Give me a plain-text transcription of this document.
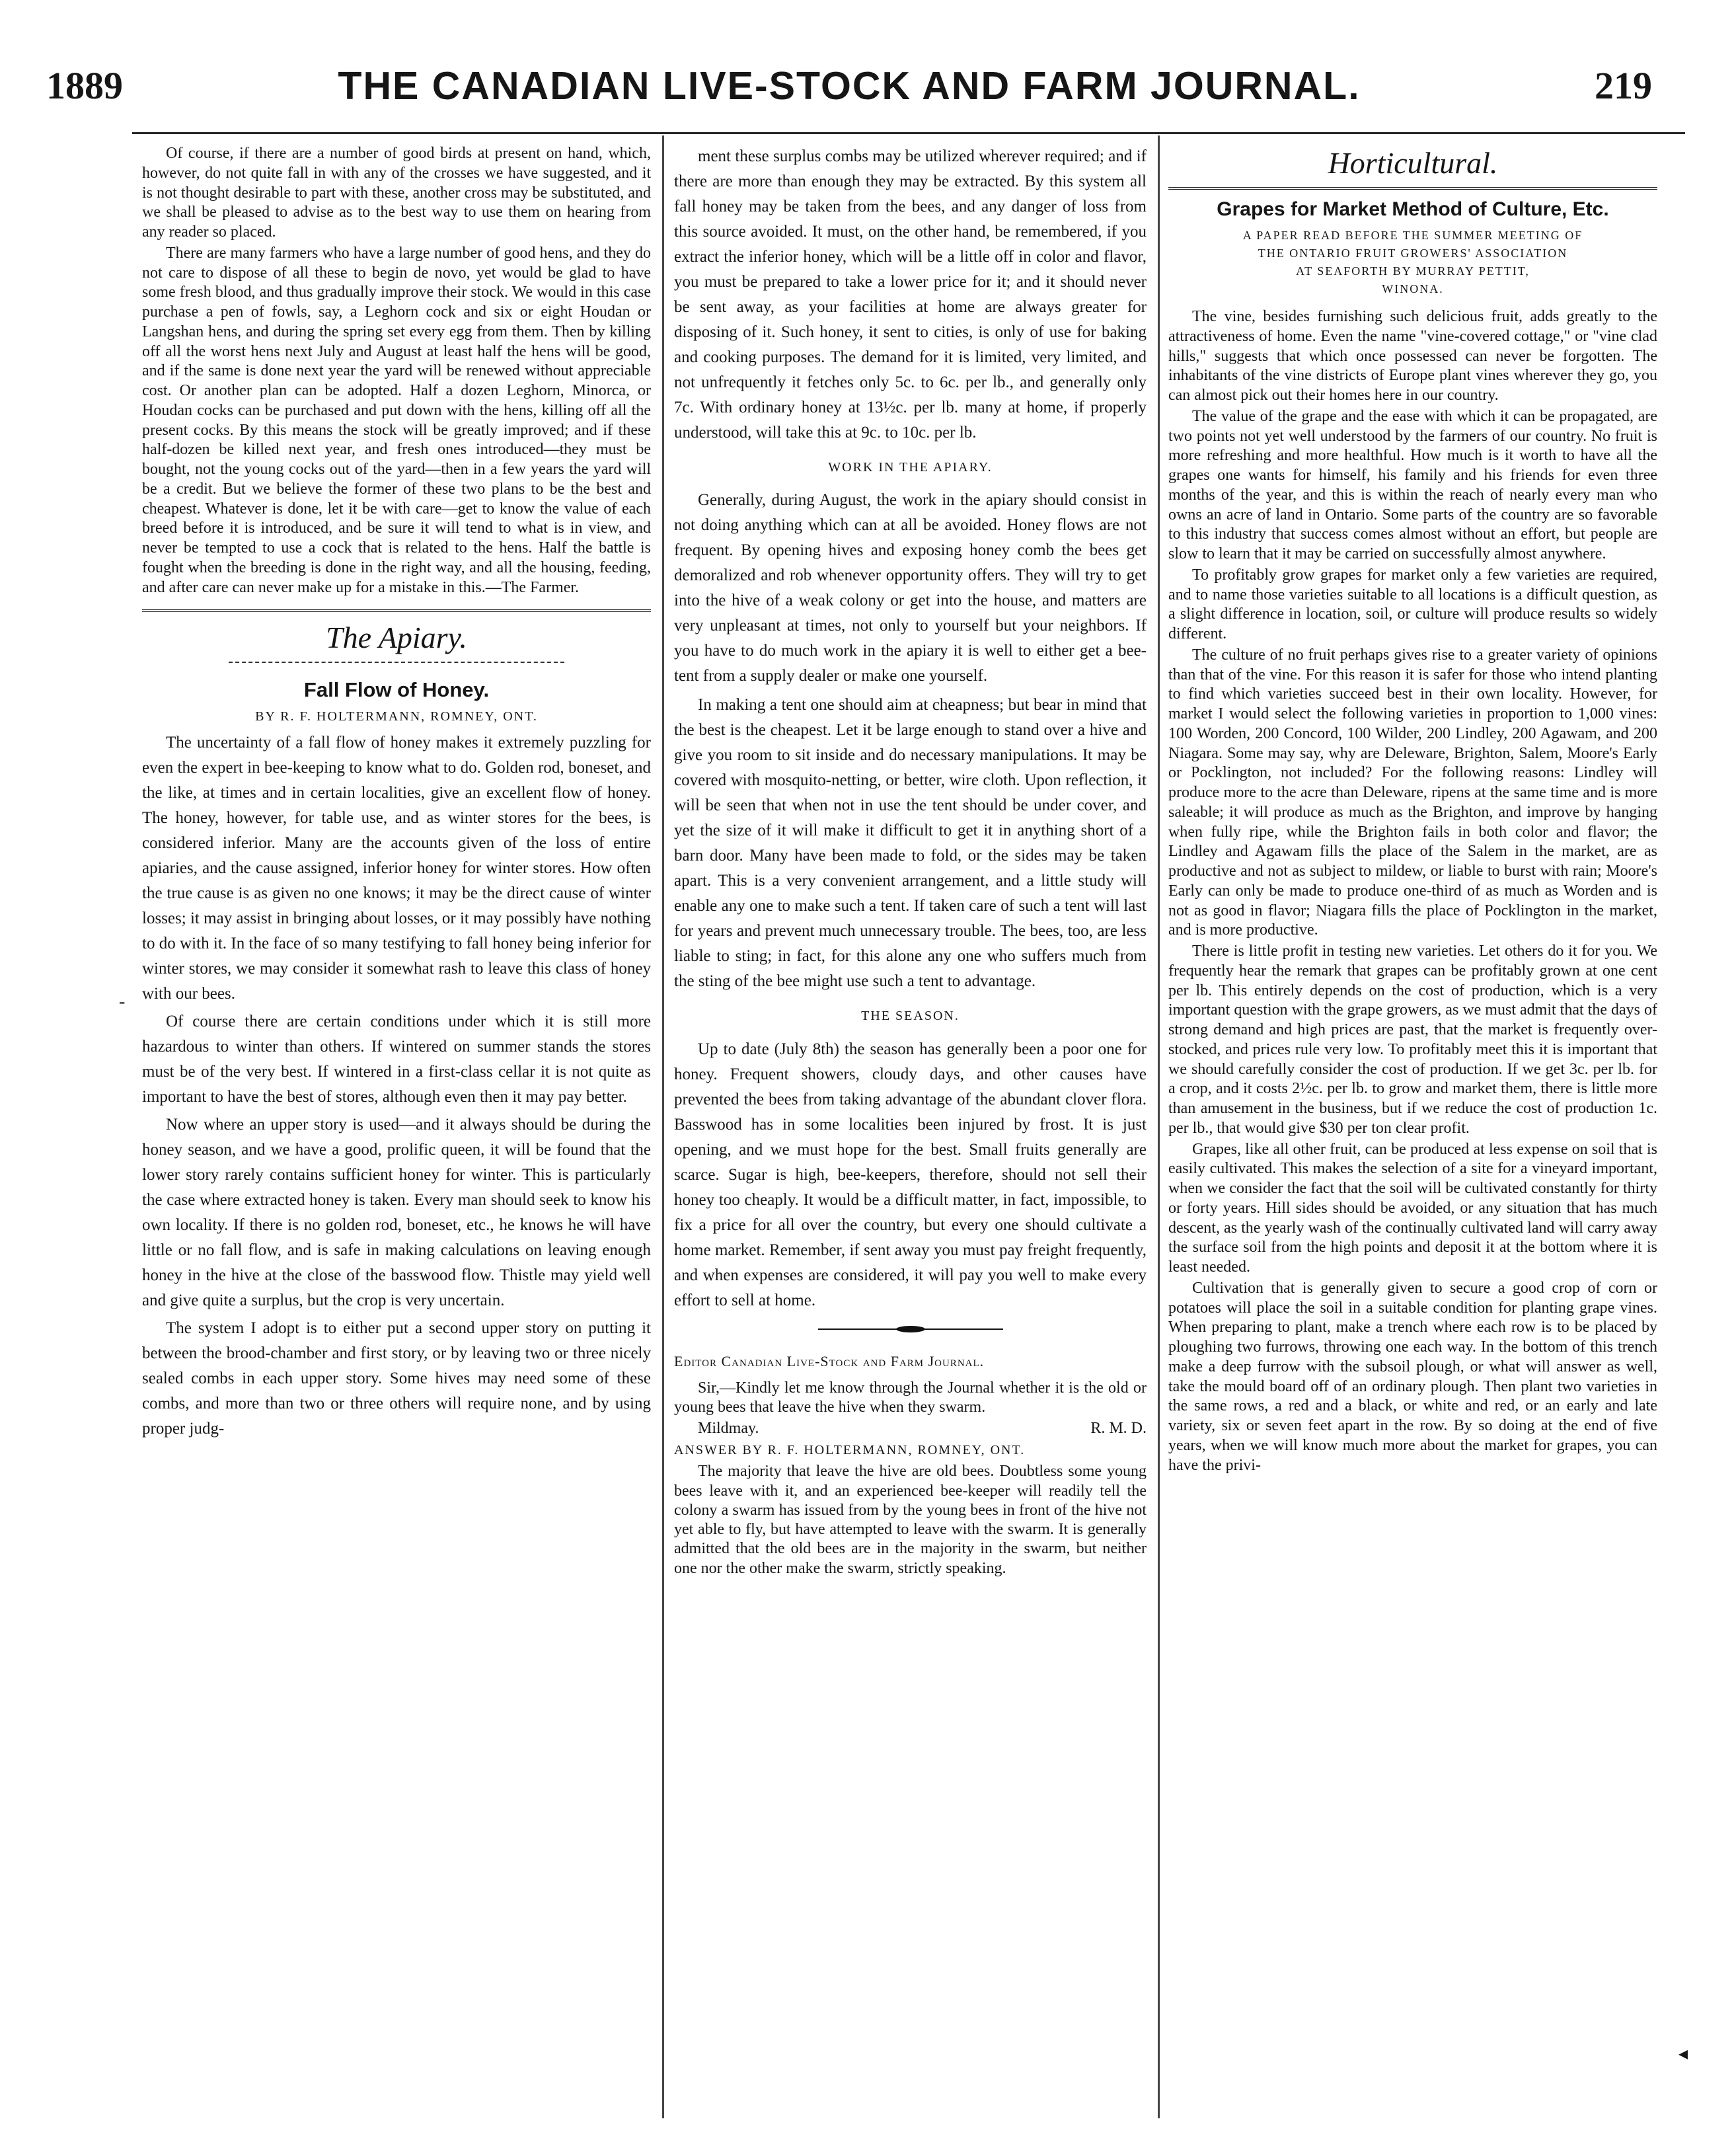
1889	THE CANADIAN LIVE-STOCK AND FARM JOURNAL.	219

Of course, if there are a number of good birds at present on hand, which, however, do not quite fall in with any of the crosses we have suggested, and it is not thought desirable to part with these, another cross may be substituted, and we shall be pleased to advise as to the best way to use them on hearing from any reader so placed.

There are many farmers who have a large number of good hens, and they do not care to dispose of all these to begin de novo, yet would be glad to have some fresh blood, and thus gradually improve their stock. We would in this case purchase a pen of fowls, say, a Leghorn cock and six or eight Houdan or Langshan hens, and during the spring set every egg from them. Then by killing off all the worst hens next July and August at least half the hens will be good, and if the same is done next year the yard will be renewed without appreciable cost. Or another plan can be adopted. Half a dozen Leghorn, Minorca, or Houdan cocks can be purchased and put down with the hens, killing off all the present cocks. By this means the stock will be greatly improved; and if these half-dozen be killed next year, and fresh ones introduced—they must be bought, not the young cocks out of the yard—then in a few years the yard will be a credit. But we believe the former of these two plans to be the best and cheapest. Whatever is done, let it be with care—get to know the value of each breed before it is introduced, and be sure it will tend to what is in view, and never be tempted to use a cock that is related to the hens. Half the battle is fought when the breeding is done in the right way, and all the housing, feeding, and after care can never make up for a mistake in this.—The Farmer.

The Apiary.
Fall Flow of Honey.
BY R. F. HOLTERMANN, ROMNEY, ONT.

The uncertainty of a fall flow of honey makes it extremely puzzling for even the expert in bee-keeping to know what to do. Golden rod, boneset, and the like, at times and in certain localities, give an excellent flow of honey. The honey, however, for table use, and as winter stores for the bees, is considered inferior. Many are the accounts given of the loss of entire apiaries, and the cause assigned, inferior honey for winter stores. How often the true cause is as given no one knows; it may be the direct cause of winter losses; it may assist in bringing about losses, or it may possibly have nothing to do with it. In the face of so many testifying to fall honey being inferior for winter stores, we may consider it somewhat rash to leave this class of honey with our bees.

Of course there are certain conditions under which it is still more hazardous to winter than others. If wintered on summer stands the stores must be of the very best. If wintered in a first-class cellar it is not quite as important to have the best of stores, although even then it may pay better.

Now where an upper story is used—and it always should be during the honey season, and we have a good, prolific queen, it will be found that the lower story rarely contains sufficient honey for winter. This is particularly the case where extracted honey is taken. Every man should seek to know his own locality. If there is no golden rod, boneset, etc., he knows he will have little or no fall flow, and is safe in making calculations on leaving enough honey in the hive at the close of the basswood flow. Thistle may yield well and give quite a surplus, but the crop is very uncertain.

The system I adopt is to either put a second upper story on putting it between the brood-chamber and first story, or by leaving two or three nicely sealed combs in each upper story. Some hives may need some of these combs, and more than two or three others will require none, and by using proper judg-

ment these surplus combs may be utilized wherever required; and if there are more than enough they may be extracted. By this system all fall honey may be taken from the bees, and any danger of loss from this source avoided. It must, on the other hand, be remembered, if you extract the inferior honey, which will be a little off in color and flavor, you must be prepared to take a lower price for it; and it should never be sent away, as your facilities at home are always greater for disposing of it. Such honey, it sent to cities, is only of use for baking and cooking purposes. The demand for it is limited, very limited, and not unfrequently it fetches only 5c. to 6c. per lb., and generally only 7c. With ordinary honey at 13½c. per lb. many at home, if properly understood, will take this at 9c. to 10c. per lb.

WORK IN THE APIARY.

Generally, during August, the work in the apiary should consist in not doing anything which can at all be avoided. Honey flows are not frequent. By opening hives and exposing honey comb the bees get demoralized and rob whenever opportunity offers. They will try to get into the hive of a weak colony or get into the house, and matters are very unpleasant at times, not only to yourself but your neighbors. If you have to do much work in the apiary it is well to either get a bee-tent from a supply dealer or make one yourself.

In making a tent one should aim at cheapness; but bear in mind that the best is the cheapest. Let it be large enough to stand over a hive and give you room to sit inside and do necessary manipulations. It may be covered with mosquito-netting, or better, wire cloth. Upon reflection, it will be seen that when not in use the tent should be under cover, and yet the size of it will make it difficult to get it in anything short of a barn door. Many have been made to fold, or the sides may be taken apart. This is a very convenient arrangement, and a little study will enable any one to make such a tent. If taken care of such a tent will last for years and prevent much unnecessary trouble. The bees, too, are less liable to sting; in fact, for this alone any one who suffers much from the sting of the bee might use such a tent to advantage.

THE SEASON.

Up to date (July 8th) the season has generally been a poor one for honey. Frequent showers, cloudy days, and other causes have prevented the bees from taking advantage of the abundant clover flora. Basswood has in some localities been injured by frost. It is just opening, and we must hope for the best. Small fruits generally are scarce. Sugar is high, bee-keepers, therefore, should not sell their honey too cheaply. It would be a difficult matter, in fact, impossible, to fix a price for all over the country, but every one should cultivate a home market. Remember, if sent away you must pay freight frequently, and when expenses are considered, it will pay you well to make every effort to sell at home.

Editor Canadian Live-Stock and Farm Journal.

Sir,—Kindly let me know through the Journal whether it is the old or young bees that leave the hive when they swarm.

Mildmay.	R. M. D.
ANSWER BY R. F. HOLTERMANN, ROMNEY, ONT.

The majority that leave the hive are old bees. Doubtless some young bees leave with it, and an experienced bee-keeper will readily tell the colony a swarm has issued from by the young bees in front of the hive not yet able to fly, but have attempted to leave with the swarm. It is generally admitted that the old bees are in the majority in the swarm, but neither one nor the other make the swarm, strictly speaking.

Horticultural.
Grapes for Market Method of Culture, Etc.
A PAPER READ BEFORE THE SUMMER MEETING OF
THE ONTARIO FRUIT GROWERS' ASSOCIATION
AT SEAFORTH BY MURRAY PETTIT,
WINONA.

The vine, besides furnishing such delicious fruit, adds greatly to the attractiveness of home. Even the name "vine-covered cottage," or "vine clad hills," suggests that which once possessed can never be forgotten. The inhabitants of the vine districts of Europe plant vines wherever they go, you can almost pick out their homes here in our country.

The value of the grape and the ease with which it can be propagated, are two points not yet well understood by the farmers of our country. No fruit is more refreshing and more healthful. How much is it worth to have all the grapes one wants for himself, his family and his friends for even three months of the year, and this is within the reach of nearly every man who owns an acre of land in Ontario. Some parts of the country are so favorable to this industry that success comes almost without an effort, but people are slow to learn that it may be carried on successfully almost anywhere.

To profitably grow grapes for market only a few varieties are required, and to name those varieties suitable to all locations is a difficult question, as a slight difference in location, soil, or culture will produce results so widely different.

The culture of no fruit perhaps gives rise to a greater variety of opinions than that of the vine. For this reason it is safer for those who intend planting to find which varieties succeed best in their own locality. However, for market I would select the following varieties in proportion to 1,000 vines: 100 Worden, 200 Concord, 100 Wilder, 200 Lindley, 200 Agawam, and 200 Niagara. Some may say, why are Deleware, Brighton, Salem, Moore's Early or Pocklington, not included? For the following reasons: Lindley will produce more to the acre than Deleware, ripens at the same time and is more saleable; it will produce as much as the Brighton, and improve by hanging when fully ripe, while the Brighton fails in both color and flavor; the Lindley and Agawam fills the place of the Salem in the market, are as productive and not as subject to mildew, or liable to burst with rain; Moore's Early can only be made to produce one-third of as much as Worden and is not as good in flavor; Niagara fills the place of Pocklington in the market, and is more productive.

There is little profit in testing new varieties. Let others do it for you. We frequently hear the remark that grapes can be profitably grown at one cent per lb. This entirely depends on the cost of production, which is a very important question with the grape growers, as we must admit that the days of strong demand and high prices are past, that the market is frequently over-stocked, and prices rule very low. To profitably meet this it is important that we should carefully consider the cost of production. If we get 3c. per lb. for a crop, and it costs 2½c. per lb. to grow and market them, there is little more than amusement in the business, but if we reduce the cost of production 1c. per lb., that would give $30 per ton clear profit.

Grapes, like all other fruit, can be produced at less expense on soil that is easily cultivated. This makes the selection of a site for a vineyard important, when we consider the fact that the soil will be cultivated constantly for thirty or forty years. Hill sides should be avoided, or any situation that has much descent, as the yearly wash of the continually cultivated land will carry away the surface soil from the high points and deposit it at the bottom where it is least needed.

Cultivation that is generally given to secure a good crop of corn or potatoes will place the soil in a suitable condition for planting grape vines. When preparing to plant, make a trench where each row is to be placed by ploughing two furrows, throwing one each way. In the bottom of this trench make a deep furrow with the subsoil plough, or what will answer as well, take the mould board off of an ordinary plough. Then plant two varieties in the same rows, a red and a black, or white and red, or an early and late variety, six or seven feet apart in the row. By so doing at the end of five years, when we will know much more about the market for grapes, you can have the privi-

-
◂
